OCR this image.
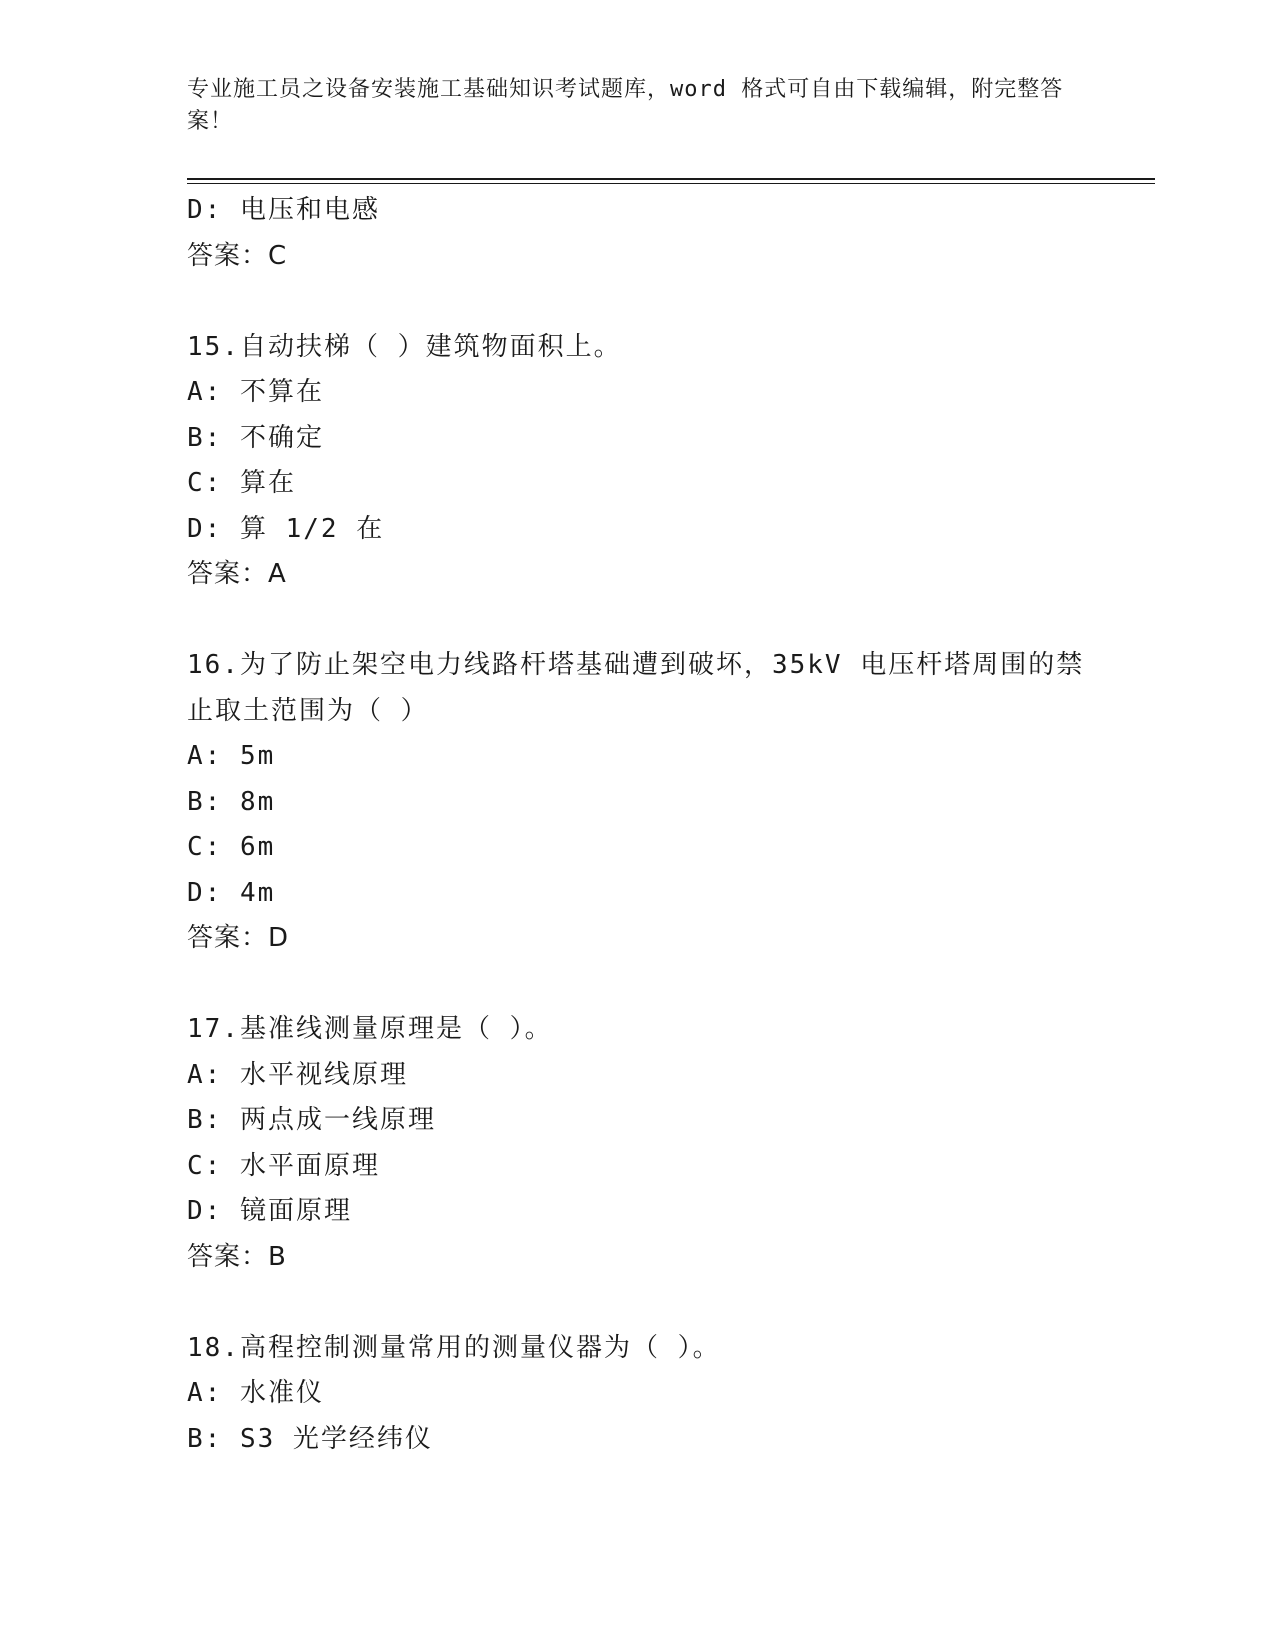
专业施工员之设备安装施工基础知识考试题库，word 格式可自由下载编辑，附完整答案！
D: 电压和电感
答案：C
15.自动扶梯（ ）建筑物面积上。
A: 不算在
B: 不确定
C: 算在
D: 算 1/2 在
答案：A
16.为了防止架空电力线路杆塔基础遭到破坏，35kV 电压杆塔周围的禁
止取土范围为（ ）
A: 5m
B: 8m
C: 6m
D: 4m
答案：D
17.基准线测量原理是（ ）。
A: 水平视线原理
B: 两点成一线原理
C: 水平面原理
D: 镜面原理
答案：B
18.高程控制测量常用的测量仪器为（ ）。
A: 水准仪
B: S3 光学经纬仪
